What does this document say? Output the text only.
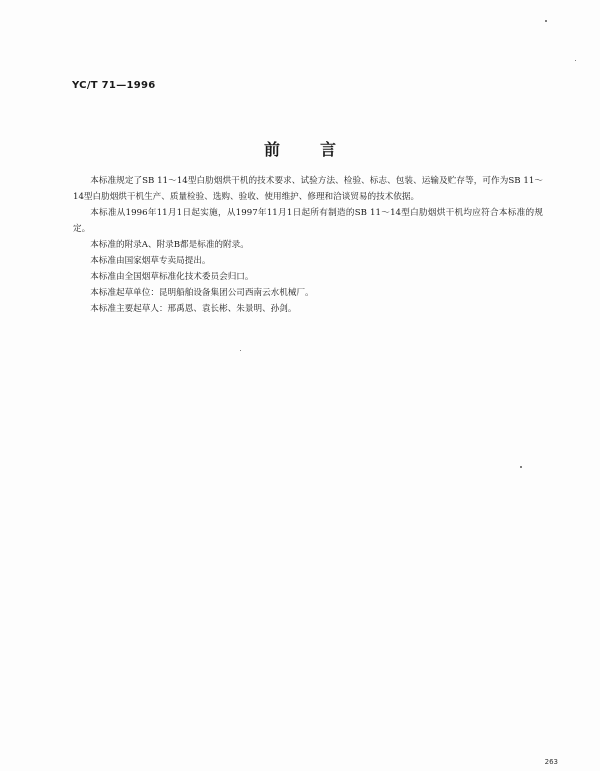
YC/T 71—1996
前言

本标准规定了SB 11～14型白肋烟烘干机的技术要求、试验方法、检验、标志、包装、运输及贮存等，可作为SB 11～14型白肋烟烘干机生产、质量检验、选购、验收、使用维护、修理和洽谈贸易的技术依据。

本标准从1996年11月1日起实施，从1997年11月1日起所有制造的SB 11～14型白肋烟烘干机均应符合本标准的规定。

本标准的附录A、附录B都是标准的附录。

本标准由国家烟草专卖局提出。

本标准由全国烟草标准化技术委员会归口。

本标准起草单位：昆明船舶设备集团公司西南云水机械厂。

本标准主要起草人：邢禹恩、袁长彬、朱景明、孙剑。

263
